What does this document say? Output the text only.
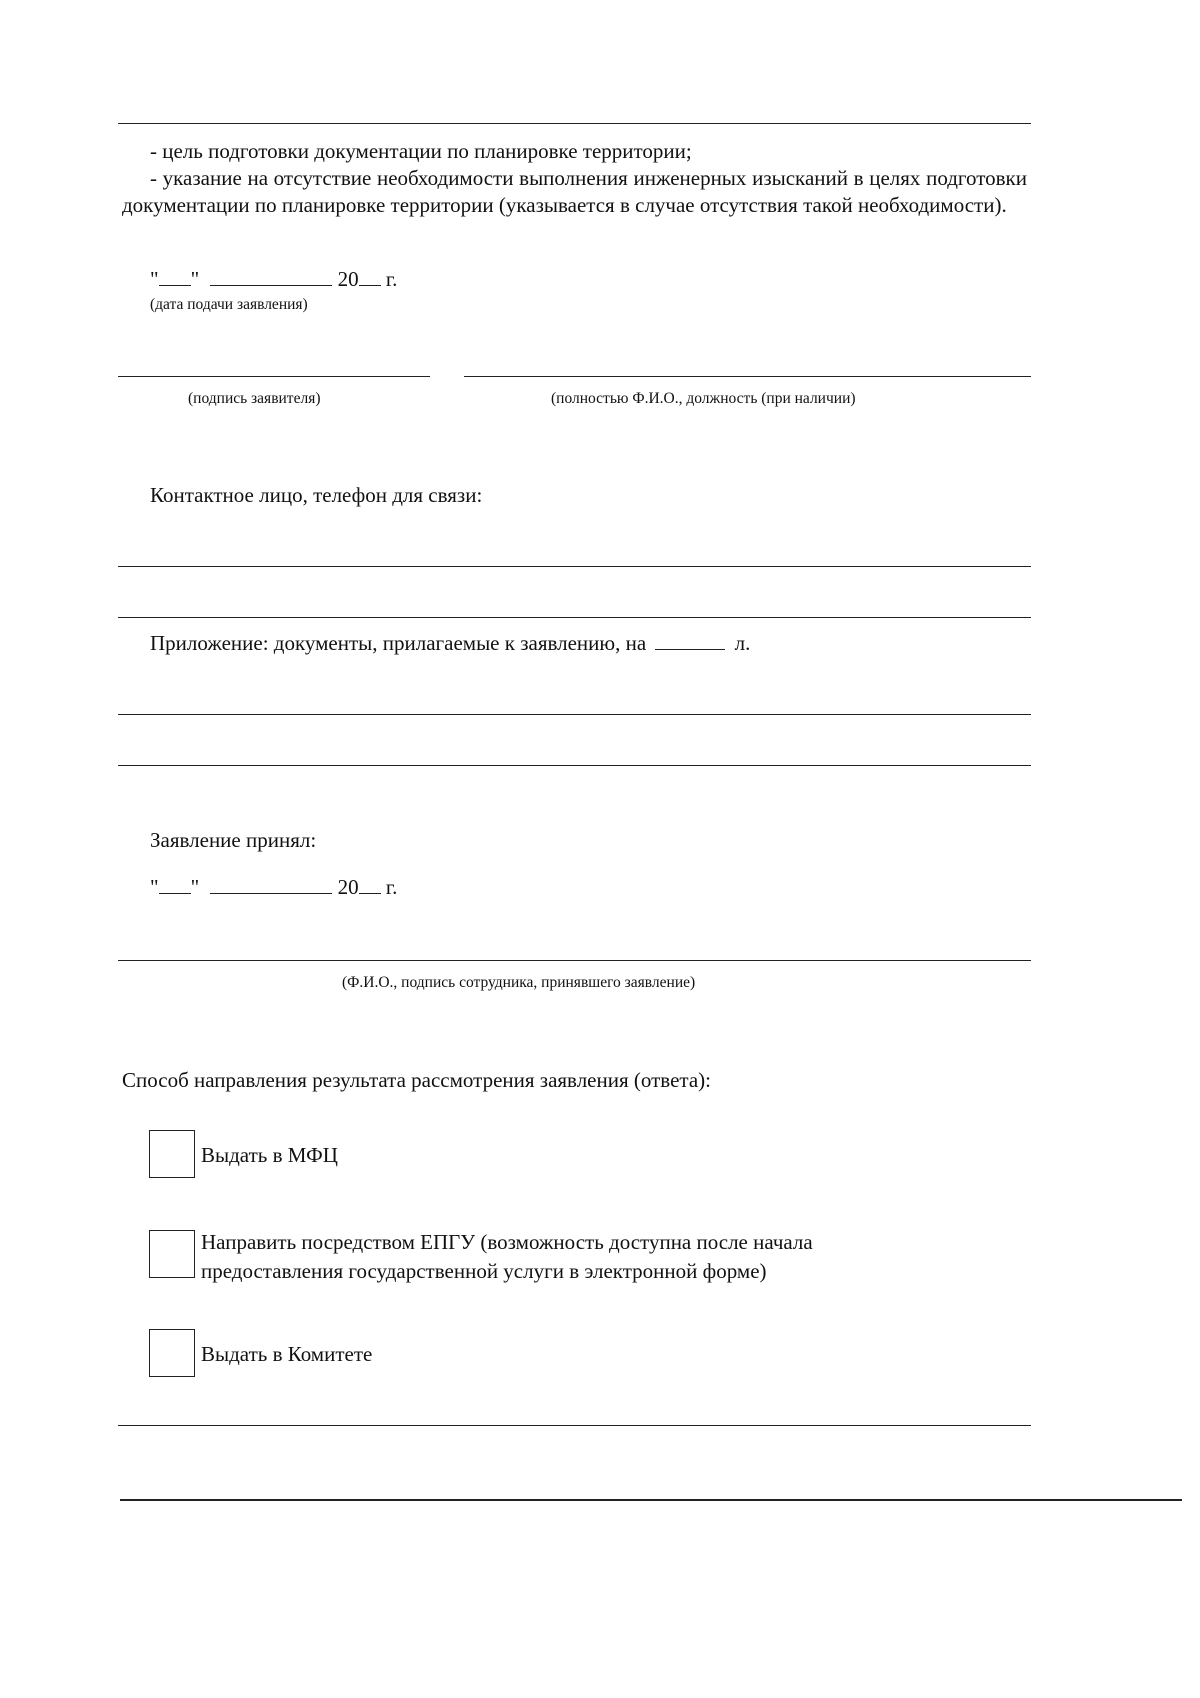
- цель подготовки документации по планировке территории;
- указание на отсутствие необходимости выполнения инженерных изысканий в целях подготовки документации по планировке территории (указывается в случае отсутствия такой необходимости).
" "	20 г.
(дата подачи заявления)
(подпись заявителя)	(полностью Ф.И.О., должность (при наличии)
Контактное лицо, телефон для связи:
Приложение: документы, прилагаемые к заявлению, на	л.
Заявление принял:
" "	20 г.
(Ф.И.О., подпись сотрудника, принявшего заявление)
Способ направления результата рассмотрения заявления (ответа):
Выдать в МФЦ
Направить посредством ЕПГУ (возможность доступна после начала
предоставления государственной услуги в электронной форме)
Выдать в Комитете
